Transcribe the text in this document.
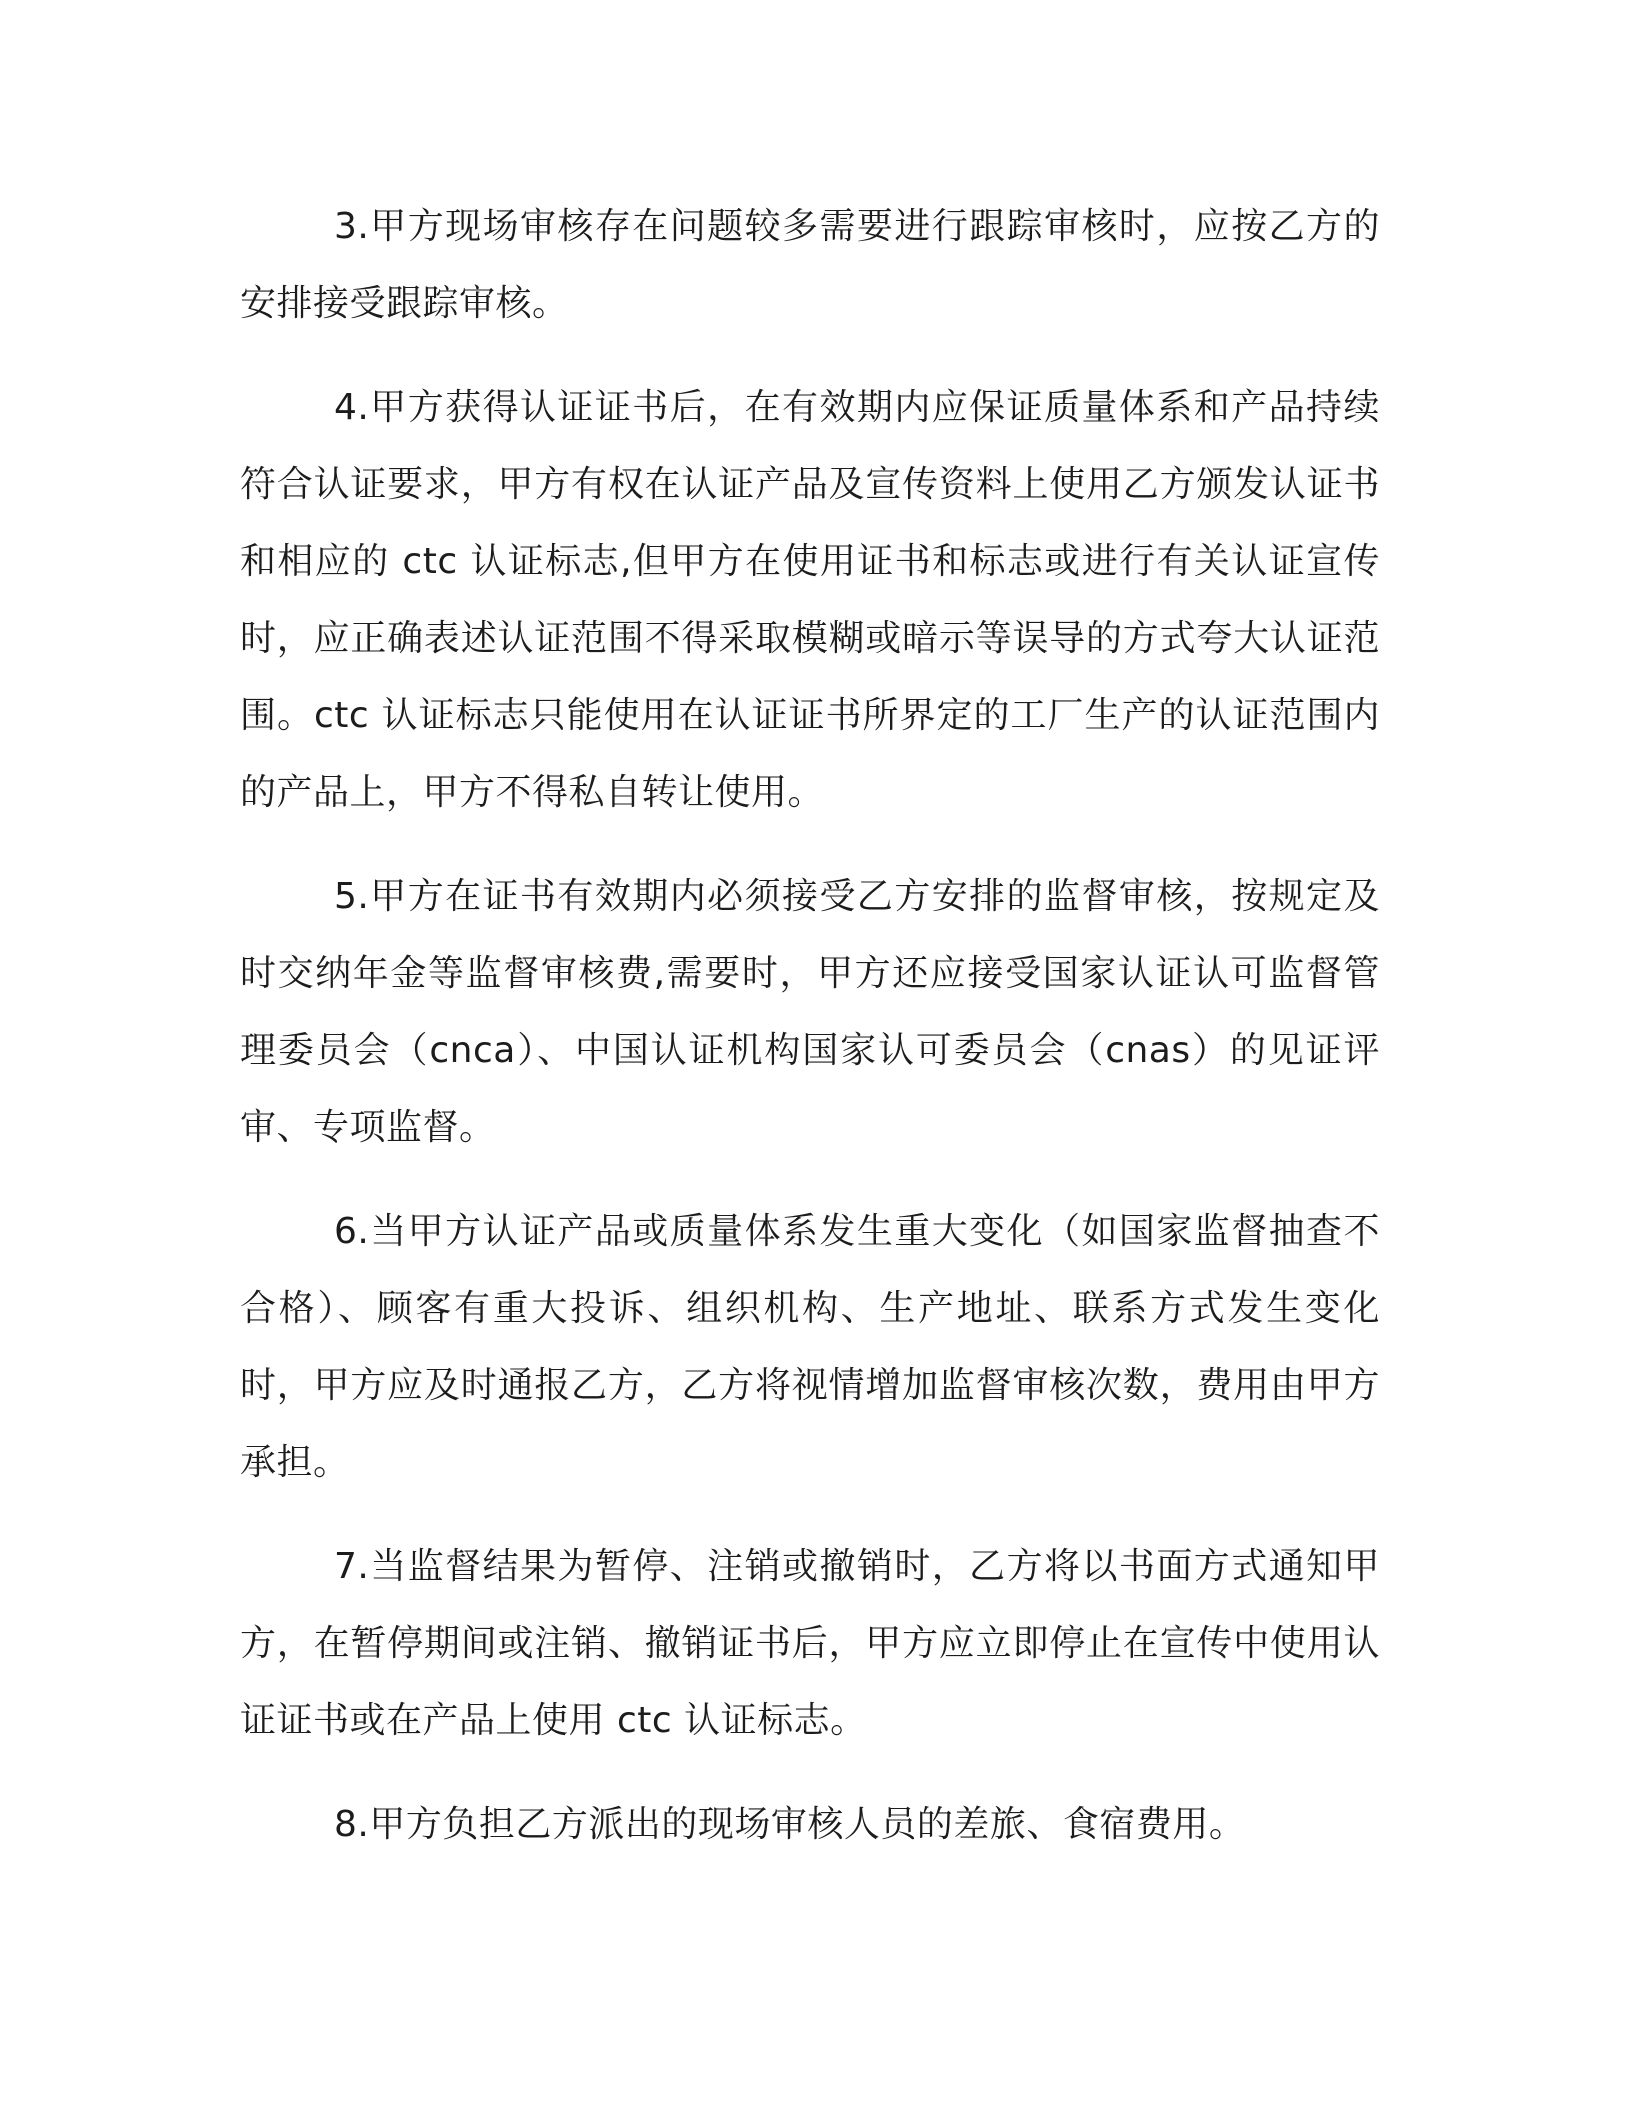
3.甲方现场审核存在问题较多需要进行跟踪审核时，应按乙方的安排接受跟踪审核。

4.甲方获得认证证书后，在有效期内应保证质量体系和产品持续符合认证要求，甲方有权在认证产品及宣传资料上使用乙方颁发认证书和相应的 ctc 认证标志,但甲方在使用证书和标志或进行有关认证宣传时，应正确表述认证范围不得采取模糊或暗示等误导的方式夸大认证范围。ctc 认证标志只能使用在认证证书所界定的工厂生产的认证范围内的产品上，甲方不得私自转让使用。

5.甲方在证书有效期内必须接受乙方安排的监督审核，按规定及时交纳年金等监督审核费,需要时，甲方还应接受国家认证认可监督管理委员会（cnca）、中国认证机构国家认可委员会（cnas）的见证评审、专项监督。

6.当甲方认证产品或质量体系发生重大变化（如国家监督抽查不合格）、顾客有重大投诉、组织机构、生产地址、联系方式发生变化时，甲方应及时通报乙方，乙方将视情增加监督审核次数，费用由甲方承担。

7.当监督结果为暂停、注销或撤销时，乙方将以书面方式通知甲方，在暂停期间或注销、撤销证书后，甲方应立即停止在宣传中使用认证证书或在产品上使用 ctc 认证标志。

8.甲方负担乙方派出的现场审核人员的差旅、食宿费用。
